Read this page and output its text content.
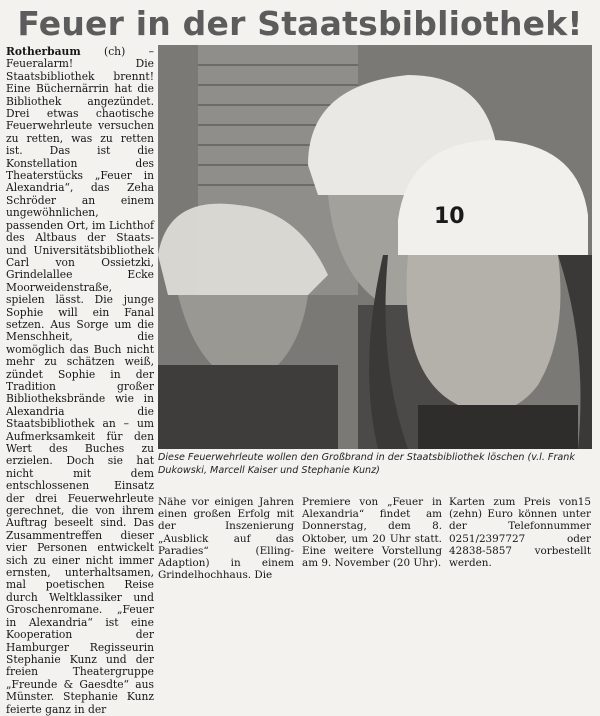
Feuer in der Staatsbibliothek!
Rotherbaum (ch) – Feueralarm! Die Staatsbibliothek brennt! Eine Büchernärrin hat die Bibliothek angezündet. Drei etwas chaotische Feuerwehrleute versuchen zu retten, was zu retten ist. Das ist die Konstellation des Theaterstücks „Feuer in Alexandria“, das Zeha Schröder an einem ungewöhnlichen, passenden Ort, im Lichthof des Altbaus der Staats- und Universitätsbibliothek Carl von Ossietzki, Grindelallee Ecke Moorweidenstraße, spielen lässt. Die junge Sophie will ein Fanal setzen. Aus Sorge um die Menschheit, die womöglich das Buch nicht mehr zu schätzen weiß, zündet Sophie in der Tradition großer Bibliotheksbrände wie in Alexandria die Staatsbibliothek an – um Aufmerksamkeit für den Wert des Buches zu erzielen. Doch sie hat nicht mit dem entschlossenen Einsatz der drei Feuerwehrleute gerechnet, die von ihrem Auftrag beseelt sind. Das Zusammentreffen dieser vier Personen entwickelt sich zu einer nicht immer ernsten, unterhaltsamen, mal poetischen Reise durch Weltklassiker und Groschenromane. „Feuer in Alexandria“ ist eine Kooperation der Hamburger Regisseurin Stephanie Kunz und der freien Theatergruppe „Freunde & Gaesdte“ aus Münster. Stephanie Kunz feierte ganz in der
10
Diese Feuerwehrleute wollen den Großbrand in der Staatsbibliothek löschen (v.l. Frank Dukowski, Marcell Kaiser und Stephanie Kunz)
Nähe vor einigen Jahren einen großen Erfolg mit der Inszenierung „Ausblick auf das Paradies“ (Elling-Adaption) in einem Grindelhochhaus. Die
Premiere von „Feuer in Alexandria“ findet am Donnerstag, dem 8. Oktober, um 20 Uhr statt. Eine weitere Vorstellung am 9. November (20 Uhr).
Karten zum Preis von15 (zehn) Euro können unter der Telefonnummer 0251/2397727 oder 42838-5857 vorbestellt werden.
